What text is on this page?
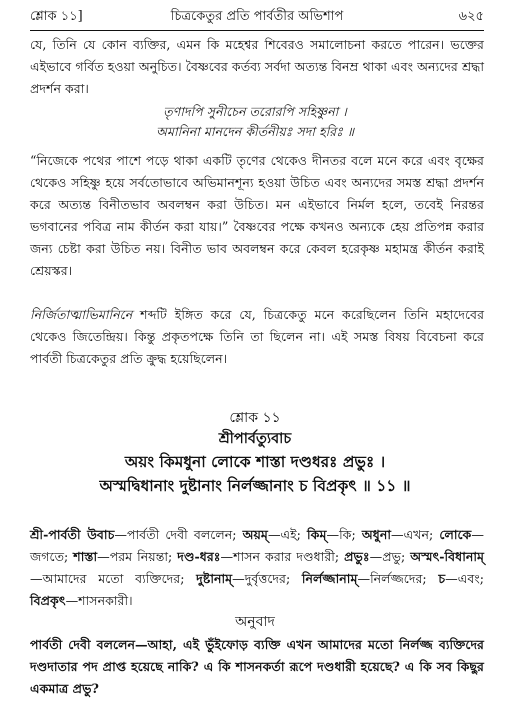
শ্লোক ১১]	চিত্রকেতুর প্রতি পার্বতীর অভিশাপ	৬২৫

যে, তিনি যে কোন ব্যক্তির, এমন কি মহেশ্বর শিবেরও সমালোচনা করতে পারেন। ভক্তের এইভাবে গর্বিত হওয়া অনুচিত। বৈষ্ণবের কর্তব্য সর্বদা অত্যন্ত বিনম্র থাকা এবং অন্যদের শ্রদ্ধা প্রদর্শন করা।

তৃণাদপি সুনীচেন তরোরপি সহিষ্ণুনা ।
অমানিনা মানদেন কীর্তনীয়ঃ সদা হরিঃ ॥

“নিজেকে পথের পাশে পড়ে থাকা একটি তৃণের থেকেও দীনতর বলে মনে করে এবং বৃক্ষের থেকেও সহিষ্ণু হয়ে সর্বতোভাবে অভিমানশূন্য হওয়া উচিত এবং অন্যদের সমস্ত শ্রদ্ধা প্রদর্শন করে অত্যন্ত বিনীতভাব অবলম্বন করা উচিত। মন এইভাবে নির্মল হলে, তবেই নিরন্তর ভগবানের পবিত্র নাম কীর্তন করা যায়।” বৈষ্ণবের পক্ষে কখনও অন্যকে হেয় প্রতিপন্ন করার জন্য চেষ্টা করা উচিত নয়। বিনীত ভাব অবলম্বন করে কেবল হরেকৃষ্ণ মহামন্ত্র কীর্তন করাই শ্রেয়স্কর।

নির্জিতাত্মাভিমানিনে শব্দটি ইঙ্গিত করে যে, চিত্রকেতু মনে করেছিলেন তিনি মহাদেবের থেকেও জিতেন্দ্রিয়। কিন্তু প্রকৃতপক্ষে তিনি তা ছিলেন না। এই সমস্ত বিষয় বিবেচনা করে পার্বতী চিত্রকেতুর প্রতি ক্রুদ্ধ হয়েছিলেন।

শ্লোক ১১
শ্রীপার্বত্যুবাচ
অয়ং কিমধুনা লোকে শাস্তা দণ্ডধরঃ প্রভুঃ ।
অস্মদ্বিধানাং দুষ্টানাং নির্লজ্জানাং চ বিপ্রকৃৎ ॥ ১১ ॥

শ্রী-পার্বতী উবাচ—পার্বতী দেবী বললেন; অয়ম্—এই; কিম্—কি; অধুনা—এখন; লোকে—জগতে; শাস্তা—পরম নিয়ন্তা; দণ্ড-ধরঃ—শাসন করার দণ্ডধারী; প্রভুঃ—প্রভু; অস্মৎ-বিধানাম্—আমাদের মতো ব্যক্তিদের; দুষ্টানাম্—দুর্বৃত্তদের; নির্লজ্জানাম্—নির্লজ্জদের; চ—এবং; বিপ্রকৃৎ—শাসনকারী।

অনুবাদ

পার্বতী দেবী বললেন—আহা, এই ভুঁইফোড় ব্যক্তি এখন আমাদের মতো নির্লজ্জ ব্যক্তিদের দণ্ডদাতার পদ প্রাপ্ত হয়েছে নাকি? এ কি শাসনকর্তা রূপে দণ্ডধারী হয়েছে? এ কি সব কিছুর একমাত্র প্রভু?
